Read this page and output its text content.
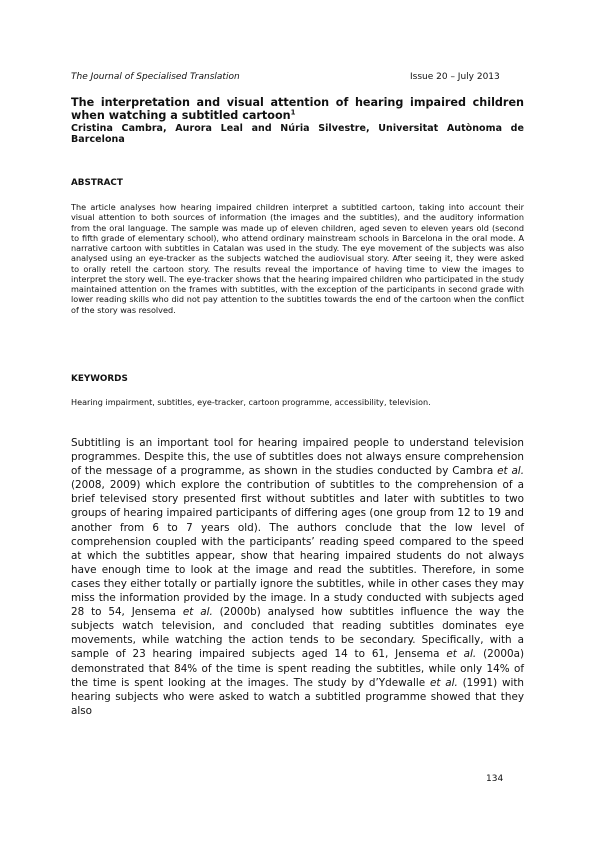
The Journal of Specialised Translation	Issue 20 – July 2013
The interpretation and visual attention of hearing impaired children when watching a subtitled cartoon$^1$

Cristina Cambra, Aurora Leal and Núria Silvestre, Universitat Autònoma de Barcelona

ABSTRACT

The article analyses how hearing impaired children interpret a subtitled cartoon, taking into account their visual attention to both sources of information (the images and the subtitles), and the auditory information from the oral language. The sample was made up of eleven children, aged seven to eleven years old (second to fifth grade of elementary school), who attend ordinary mainstream schools in Barcelona in the oral mode. A narrative cartoon with subtitles in Catalan was used in the study. The eye movement of the subjects was also analysed using an eye-tracker as the subjects watched the audiovisual story. After seeing it, they were asked to orally retell the cartoon story. The results reveal the importance of having time to view the images to interpret the story well. The eye-tracker shows that the hearing impaired children who participated in the study maintained attention on the frames with subtitles, with the exception of the participants in second grade with lower reading skills who did not pay attention to the subtitles towards the end of the cartoon when the conflict of the story was resolved.

KEYWORDS

Hearing impairment, subtitles, eye-tracker, cartoon programme, accessibility, television.

Subtitling is an important tool for hearing impaired people to understand television programmes. Despite this, the use of subtitles does not always ensure comprehension of the message of a programme, as shown in the studies conducted by Cambra et al. (2008, 2009) which explore the contribution of subtitles to the comprehension of a brief televised story presented first without subtitles and later with subtitles to two groups of hearing impaired participants of differing ages (one group from 12 to 19 and another from 6 to 7 years old). The authors conclude that the low level of comprehension coupled with the participants’ reading speed compared to the speed at which the subtitles appear, show that hearing impaired students do not always have enough time to look at the image and read the subtitles. Therefore, in some cases they either totally or partially ignore the subtitles, while in other cases they may miss the information provided by the image. In a study conducted with subjects aged 28 to 54, Jensema et al. (2000b) analysed how subtitles influence the way the subjects watch television, and concluded that reading subtitles dominates eye movements, while watching the action tends to be secondary. Specifically, with a sample of 23 hearing impaired subjects aged 14 to 61, Jensema et al. (2000a) demonstrated that 84% of the time is spent reading the subtitles, while only 14% of the time is spent looking at the images. The study by d’Ydewalle et al. (1991) with hearing subjects who were asked to watch a subtitled programme showed that they also

134
